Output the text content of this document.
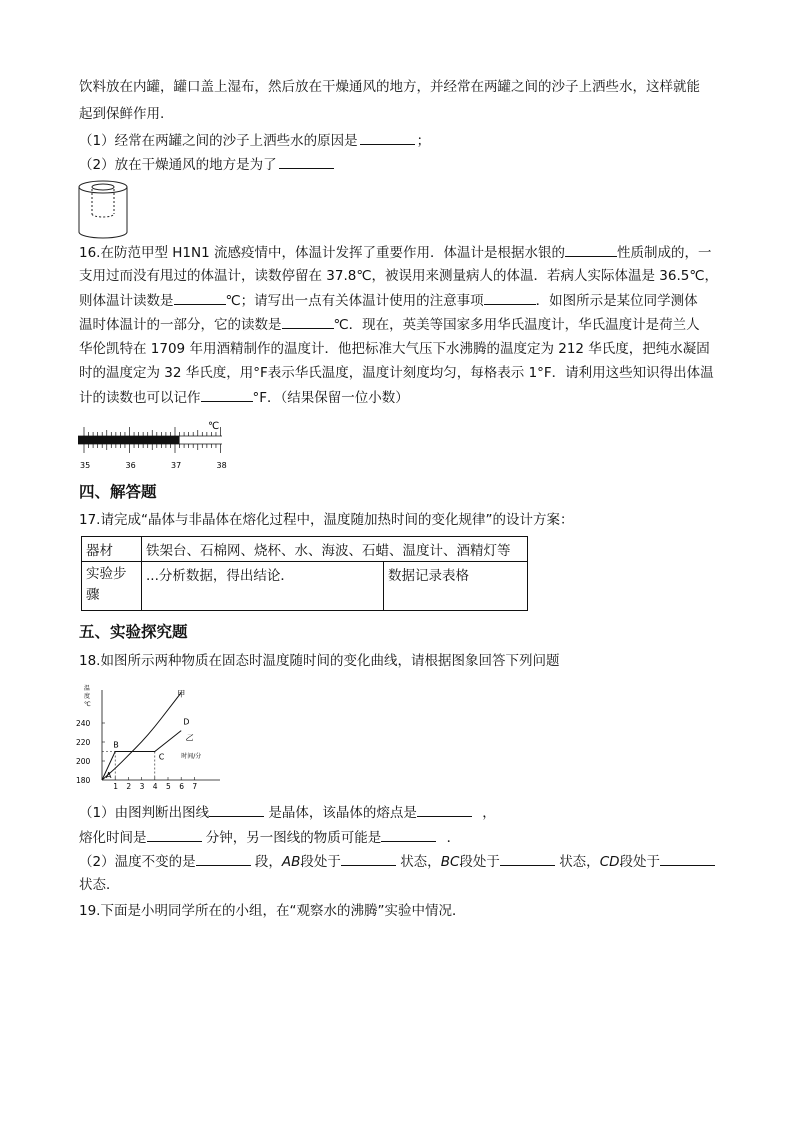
饮料放在内罐，罐口盖上湿布，然后放在干燥通风的地方，并经常在两罐之间的沙子上洒些水，这样就能
起到保鲜作用.
（1）经常在两罐之间的沙子上洒些水的原因是	；
（2）放在干燥通风的地方是为了
16.在防范甲型 H1N1 流感疫情中，体温计发挥了重要作用．体温计是根据水银的	性质制成的，一
支用过而没有甩过的体温计，读数停留在 37.8℃，被误用来测量病人的体温．若病人实际体温是 36.5℃，
则体温计读数是	℃；请写出一点有关体温计使用的注意事项	．如图所示是某位同学测体
温时体温计的一部分，它的读数是	℃．现在，英美等国家多用华氏温度计，华氏温度计是荷兰人
华伦凯特在 1709 年用酒精制作的温度计．他把标准大气压下水沸腾的温度定为 212 华氏度，把纯水凝固
时的温度定为 32 华氏度，用°F表示华氏温度，温度计刻度均匀，每格表示 1°F．请利用这些知识得出体温
计的读数也可以记作	°F．（结果保留一位小数）
℃
35	36	37	38
四、解答题
17.请完成“晶体与非晶体在熔化过程中，温度随加热时间的变化规律”的设计方案：
器材	铁架台、石棉网、烧杯、水、海波、石蜡、温度计、酒精灯等	
实验步
骤	...分析数据，得出结论．	数据记录表格
五、实验探究题
18.如图所示两种物质在固态时温度随时间的变化曲线，请根据图象回答下列问题
温
度
℃
180
200
220
240
1 2 3 4 5 6 7
A
B
C
D
甲
乙
时间/分
（1）由图判断出图线	是晶体，该晶体的熔点是	，
熔化时间是	分钟，另一图线的物质可能是	．
（2）温度不变的是	段，AB段处于	状态，BC段处于	状态，CD段处于
状态．
19.下面是小明同学所在的小组，在“观察水的沸腾”实验中情况．
